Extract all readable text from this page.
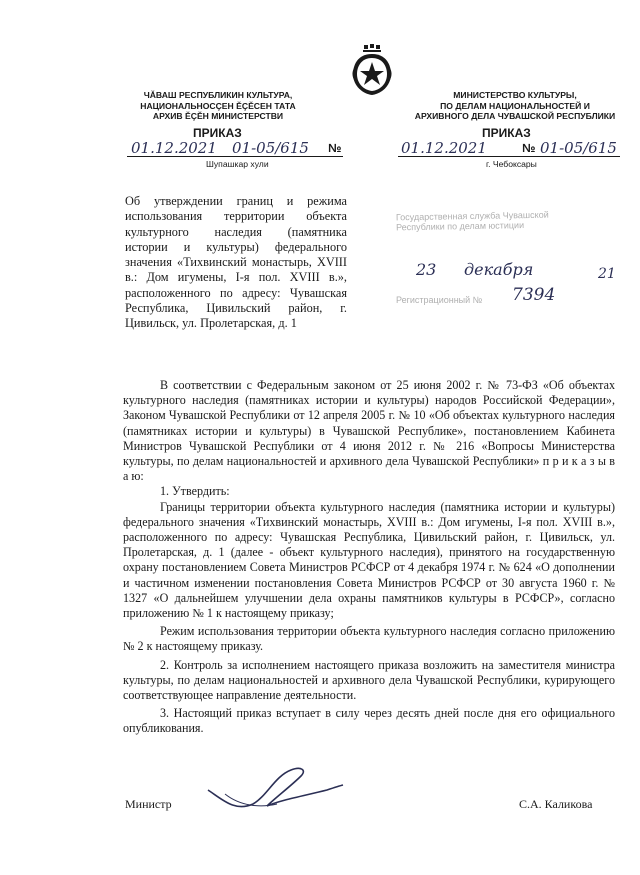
ЧӐВАШ РЕСПУБЛИКИН КУЛЬТУРА,
НАЦИОНАЛЬНОСÇЕН ĔÇĔСЕН ТАТА
АРХИВ ĔÇĔН МИНИСТЕРСТВИ
МИНИСТЕРСТВО КУЛЬТУРЫ,
ПО ДЕЛАМ НАЦИОНАЛЬНОСТЕЙ И
АРХИВНОГО ДЕЛА ЧУВАШСКОЙ РЕСПУБЛИКИ
ПРИКАЗ
01.12.2021 01-05/615 №
Шупашкар хули
ПРИКАЗ
01.12.2021	№ 01-05/615
г. Чебоксары
Об утверждении границ и режима использования территории объекта культурного наследия (памятника истории и культуры) федерального значения «Тихвинский монастырь, XVIII в.: Дом игумены, I-я пол. XVIII в.», расположенного по адресу: Чувашская Республика, Цивильский район, г. Цивильск, ул. Пролетарская, д. 1
Государственная служба Чувашской
Республики по делам юстиции
23 декабря	21
Регистрационный № 7394

В соответствии с Федеральным законом от 25 июня 2002 г. № 73-ФЗ «Об объектах культурного наследия (памятниках истории и культуры) народов Российской Федерации», Законом Чувашской Республики от 12 апреля 2005 г. № 10 «Об объектах культурного наследия (памятниках истории и культуры) в Чувашской Республике», постановлением Кабинета Министров Чувашской Республики от 4 июня 2012 г. № 216 «Вопросы Министерства культуры, по делам национальностей и архивного дела Чувашской Республики» п р и к а з ы в а ю:

1. Утвердить:

Границы территории объекта культурного наследия (памятника истории и культуры) федерального значения «Тихвинский монастырь, XVIII в.: Дом игумены, I-я пол. XVIII в.», расположенного по адресу: Чувашская Республика, Цивильский район, г. Цивильск, ул. Пролетарская, д. 1 (далее - объект культурного наследия), принятого на государственную охрану постановлением Совета Министров РСФСР от 4 декабря 1974 г. № 624 «О дополнении и частичном изменении постановления Совета Министров РСФСР от 30 августа 1960 г. № 1327 «О дальнейшем улучшении дела охраны памятников культуры в РСФСР», согласно приложению № 1 к настоящему приказу;

Режим использования территории объекта культурного наследия согласно приложению № 2 к настоящему приказу.

2. Контроль за исполнением настоящего приказа возложить на заместителя министра культуры, по делам национальностей и архивного дела Чувашской Республики, курирующего соответствующее направление деятельности.

3. Настоящий приказ вступает в силу через десять дней после дня его официального опубликования.

Министр	С.А. Каликова
